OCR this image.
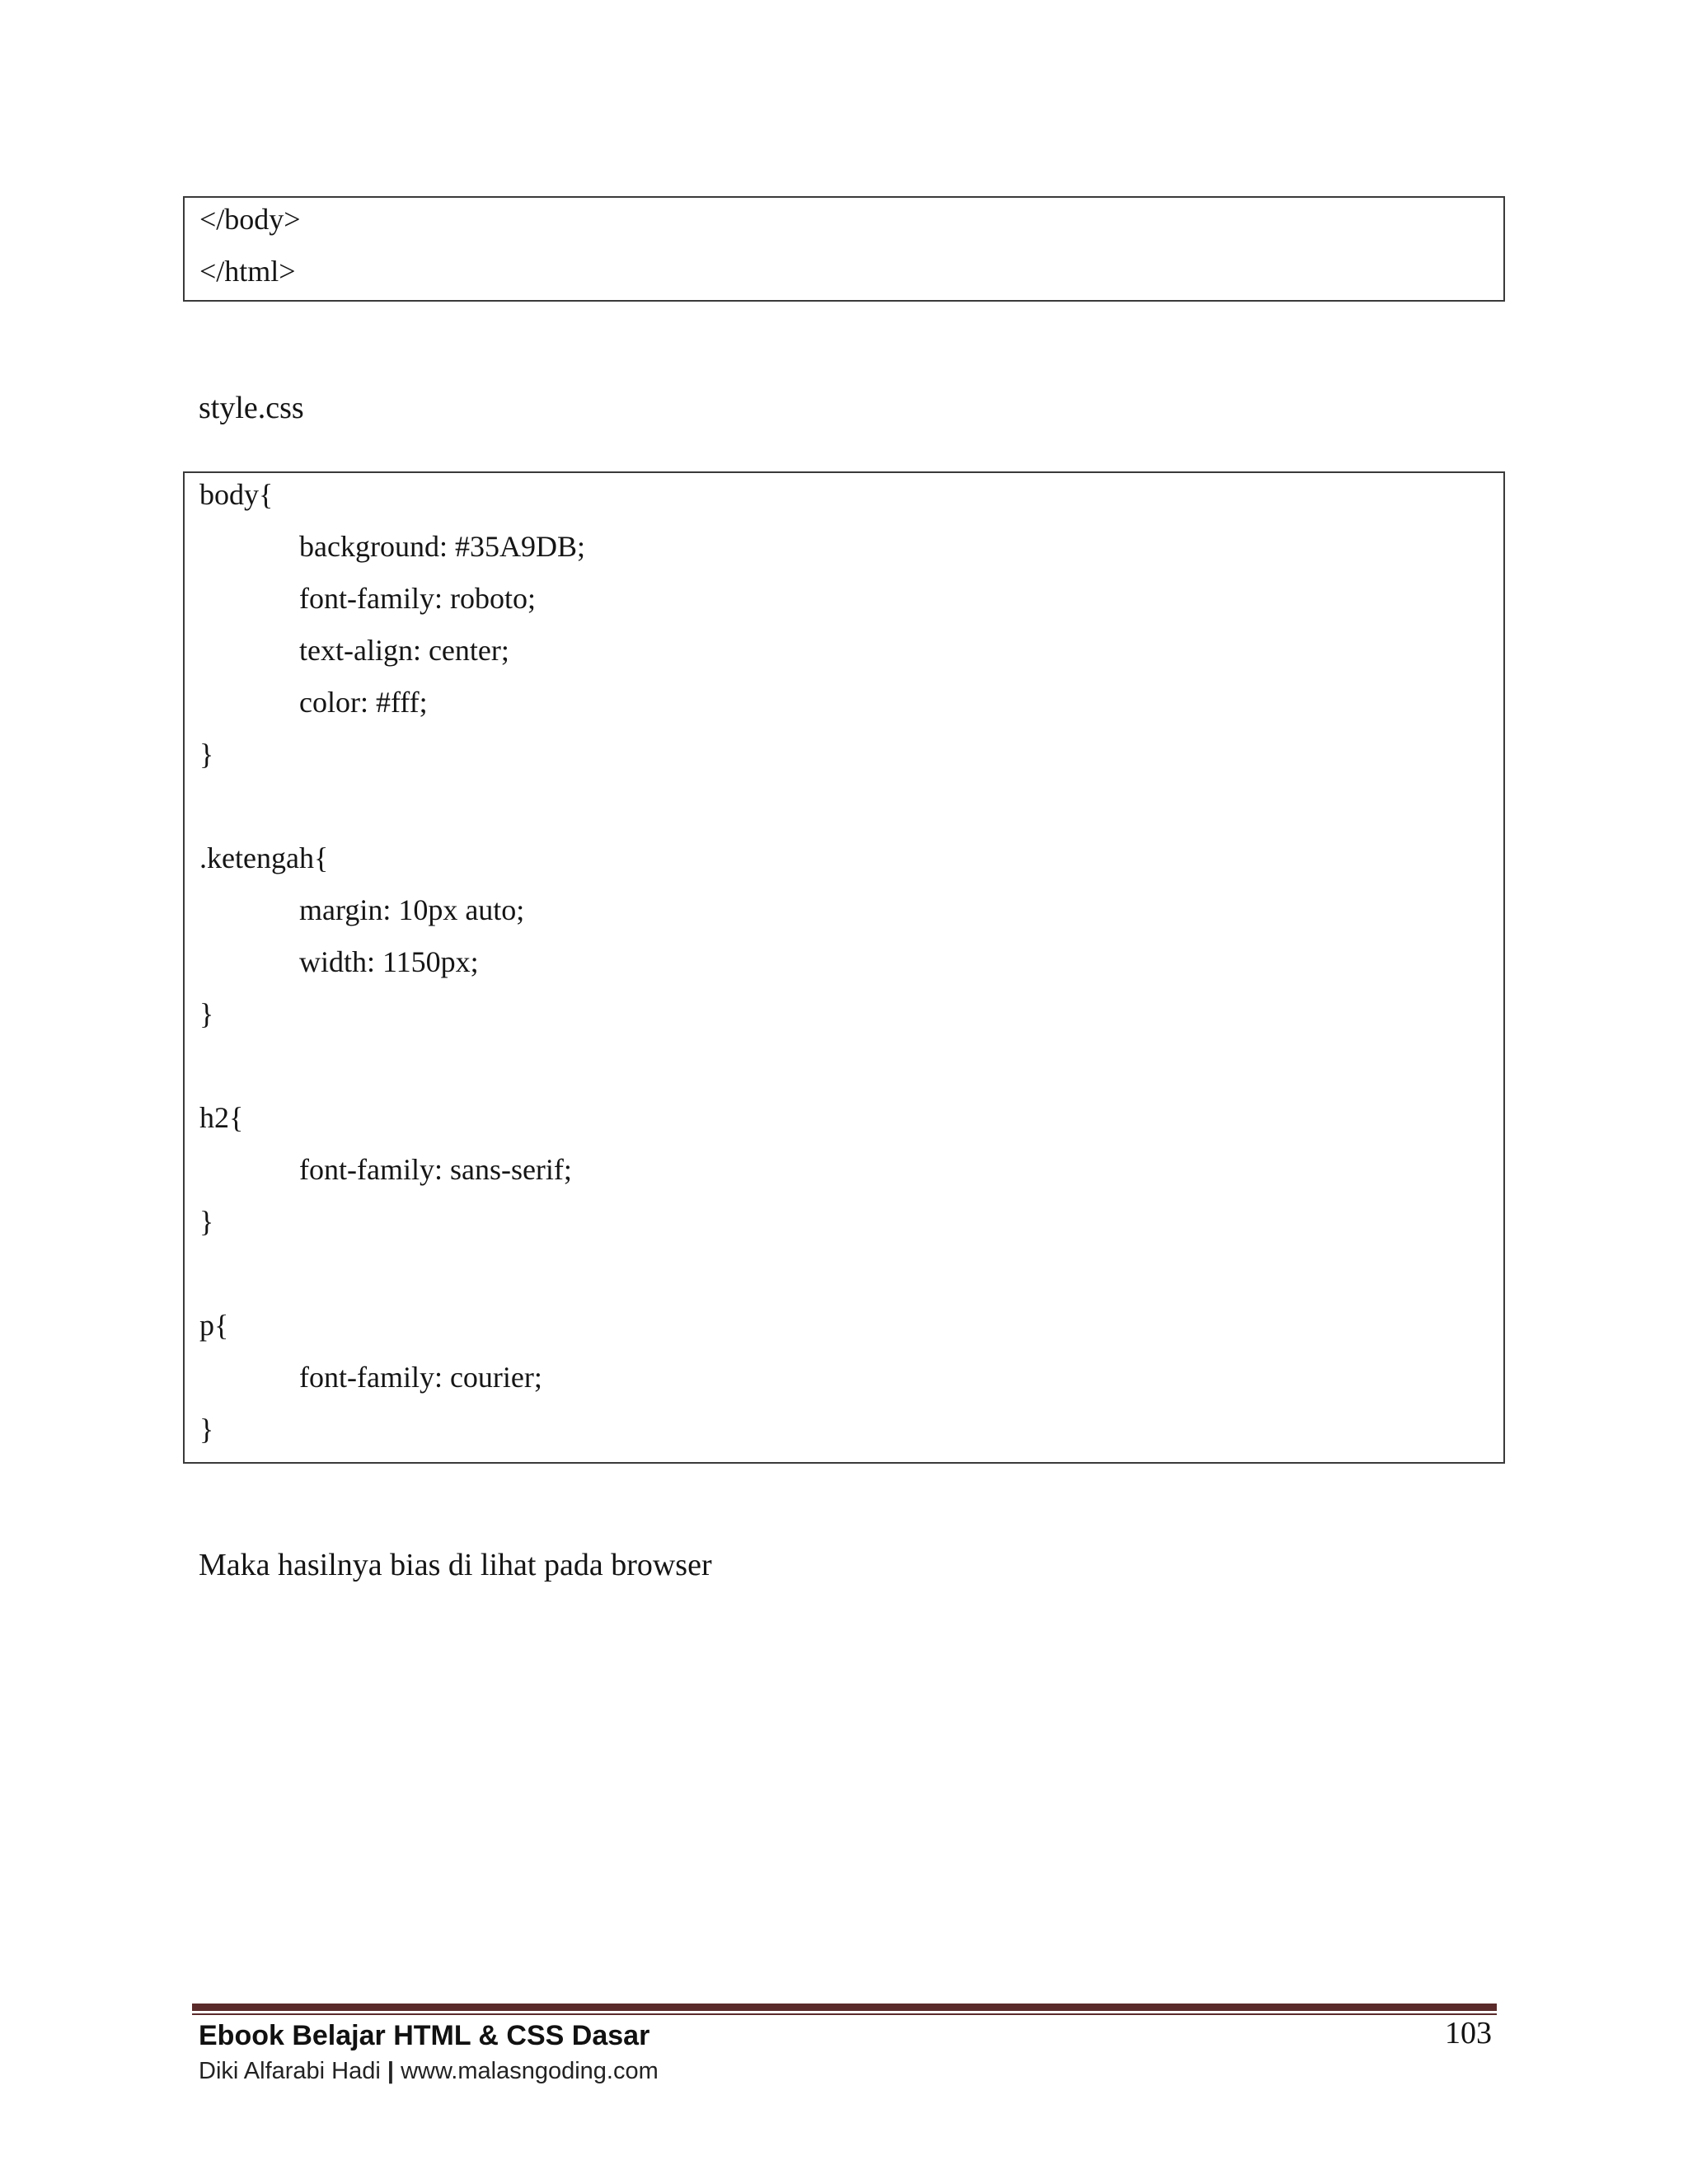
</body>
</html>
style.css
body{
background: #35A9DB;
font-family: roboto;
text-align: center;
color: #fff;
}
.ketengah{
margin: 10px auto;
width: 1150px;
}
h2{
font-family: sans-serif;
}
p{
font-family: courier;
}
Maka hasilnya bias di lihat pada browser
Ebook Belajar HTML & CSS Dasar
Diki Alfarabi Hadi | www.malasngoding.com
103
